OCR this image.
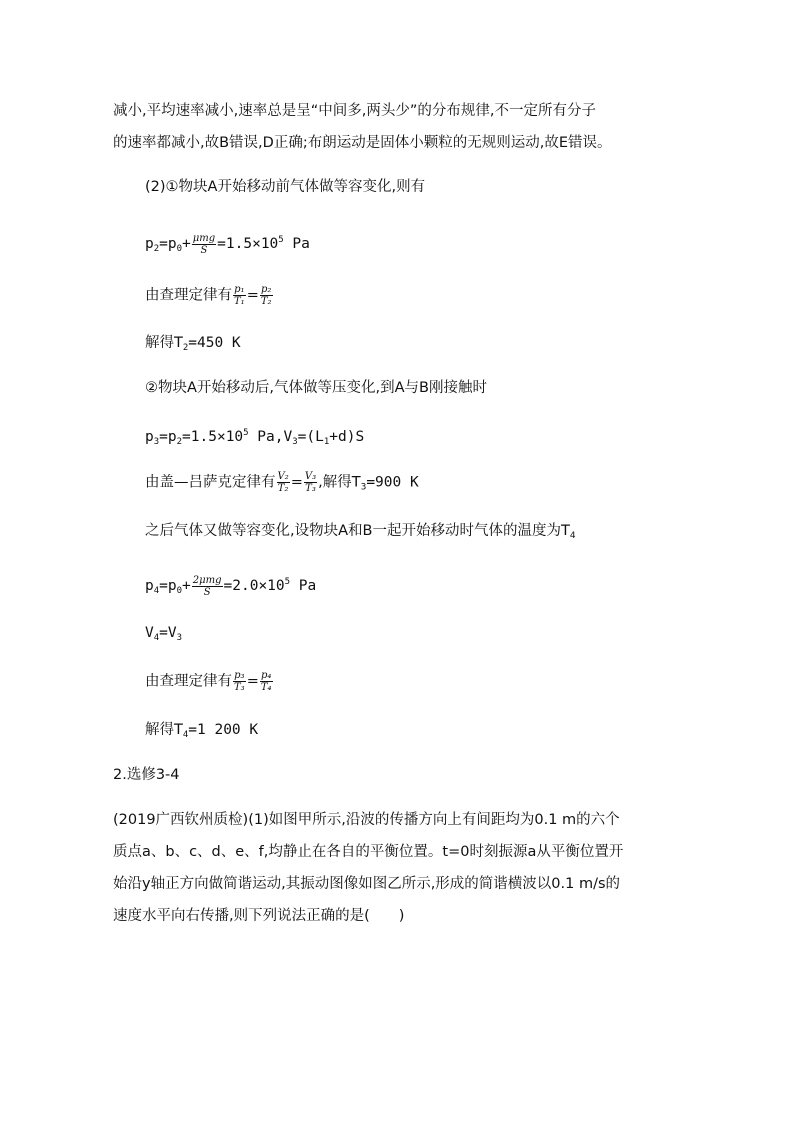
减小,平均速率减小,速率总是呈“中间多,两头少”的分布规律,不一定所有分子
的速率都减小,故B错误,D正确;布朗运动是固体小颗粒的无规则运动,故E错误。
(2)①物块A开始移动前气体做等容变化,则有
$p_2=p_0+ \frac{\text{μmg}}{S} =1.5\times 10^5$ Pa
由查理定律有 $\frac{\text{p₁}}{\text{T₁}} = \frac{\text{p₂}}{\text{T₂}}$
解得$T_2=450$ K
②物块A开始移动后,气体做等压变化,到A与B刚接触时
$p_3=p_2=1.5\times 10^5$ $Pa,V_3=(L_1+d)S$
由盖—吕萨克定律有 $\frac{\text{V₂}}{\text{T₂}} = \frac{\text{V₃}}{\text{T₃}}$ ,解得$T_3=900$ K
之后气体又做等容变化,设物块A和B一起开始移动时气体的温度为$T_4$
$p_4=p_0+ \frac{\text{2μmg}}{S} =2.0\times 10^5$ Pa
$V_4=V_3$
由查理定律有 $\frac{\text{p₃}}{\text{T₃}} = \frac{\text{p₄}}{\text{T₄}}$
解得$T_4=1$ 200 K
2.选修3-4
(2019广西钦州质检)(1)如图甲所示,沿波的传播方向上有间距均为0.1 m的六个
质点a、b、c、d、e、f,均静止在各自的平衡位置。t=0时刻振源a从平衡位置开
始沿y轴正方向做简谐运动,其振动图像如图乙所示,形成的简谐横波以0.1 m/s的
速度水平向右传播,则下列说法正确的是(　　)
